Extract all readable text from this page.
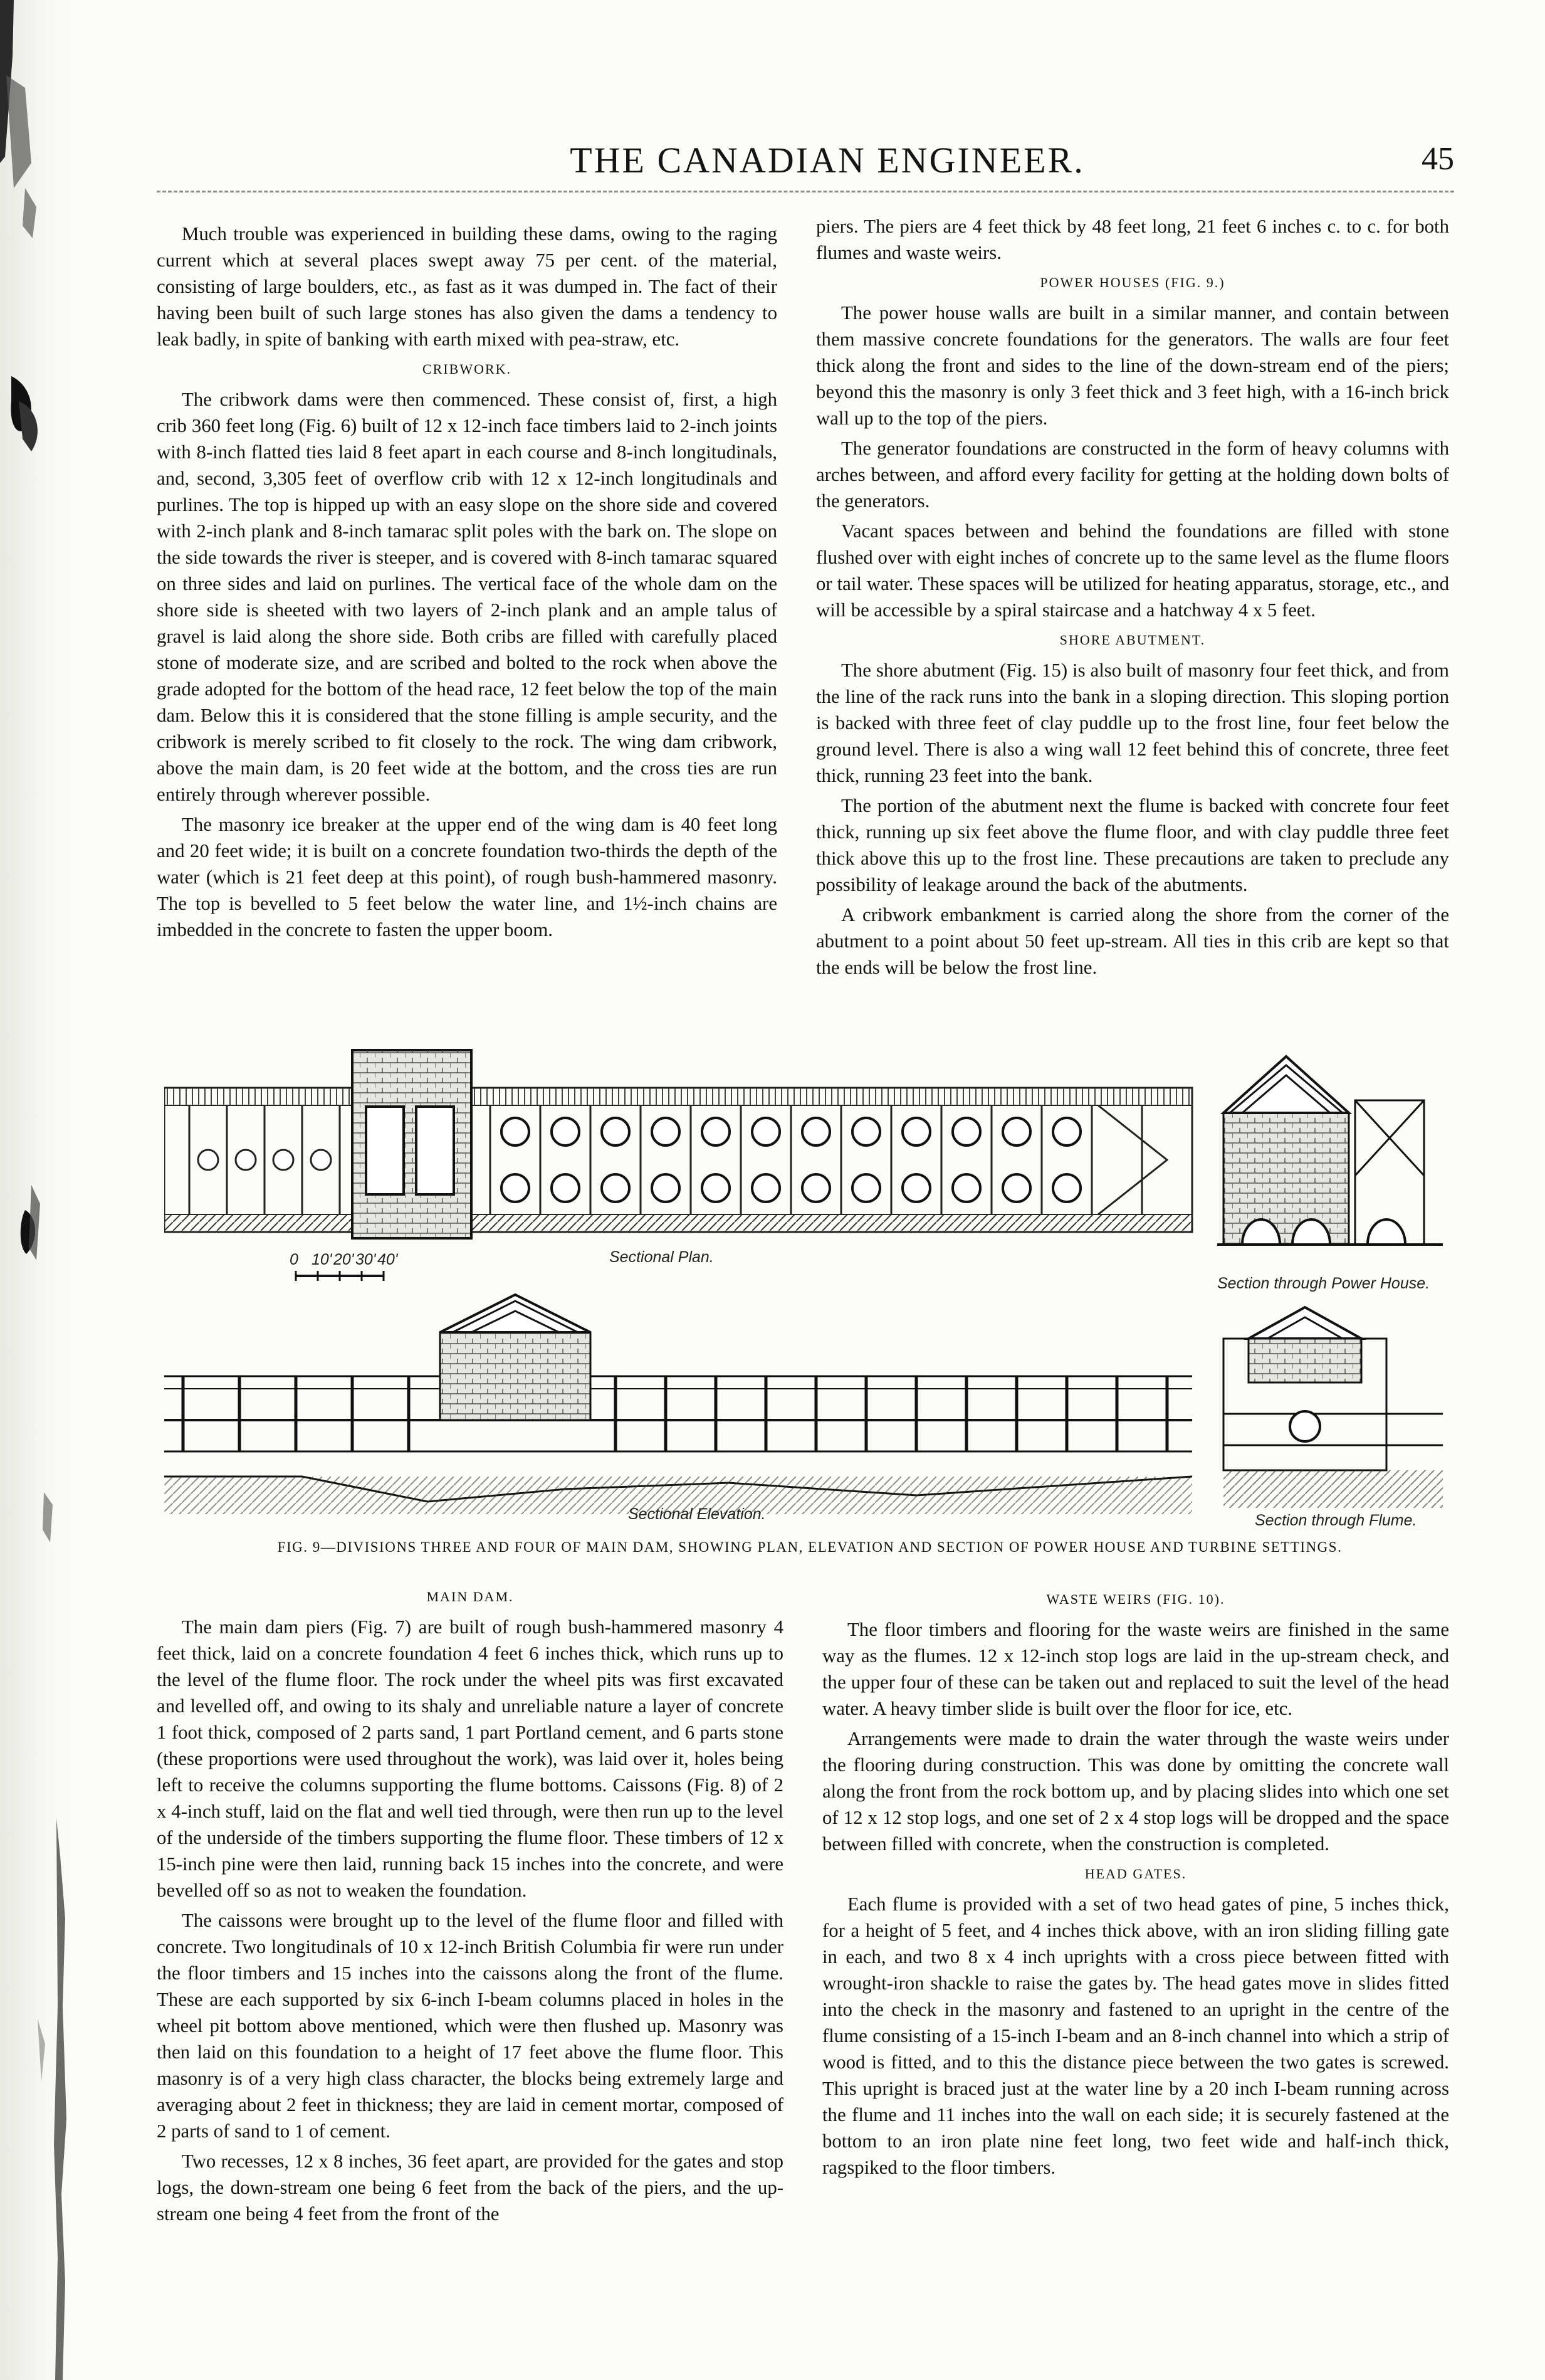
THE CANADIAN ENGINEER.	45

Much trouble was experienced in building these dams, owing to the raging current which at several places swept away 75 per cent. of the material, consisting of large boulders, etc., as fast as it was dumped in. The fact of their having been built of such large stones has also given the dams a tendency to leak badly, in spite of banking with earth mixed with pea-straw, etc.

CRIBWORK.

The cribwork dams were then commenced. These consist of, first, a high crib 360 feet long (Fig. 6) built of 12 x 12-inch face timbers laid to 2-inch joints with 8-inch flatted ties laid 8 feet apart in each course and 8-inch longitudinals, and, second, 3,305 feet of overflow crib with 12 x 12-inch longitudinals and purlines. The top is hipped up with an easy slope on the shore side and covered with 2-inch plank and 8-inch tamarac split poles with the bark on. The slope on the side towards the river is steeper, and is covered with 8-inch tamarac squared on three sides and laid on purlines. The vertical face of the whole dam on the shore side is sheeted with two layers of 2-inch plank and an ample talus of gravel is laid along the shore side. Both cribs are filled with carefully placed stone of moderate size, and are scribed and bolted to the rock when above the grade adopted for the bottom of the head race, 12 feet below the top of the main dam. Below this it is considered that the stone filling is ample security, and the cribwork is merely scribed to fit closely to the rock. The wing dam cribwork, above the main dam, is 20 feet wide at the bottom, and the cross ties are run entirely through wherever possible.

The masonry ice breaker at the upper end of the wing dam is 40 feet long and 20 feet wide; it is built on a concrete foundation two-thirds the depth of the water (which is 21 feet deep at this point), of rough bush-hammered masonry. The top is bevelled to 5 feet below the water line, and 1½-inch chains are imbedded in the concrete to fasten the upper boom.

piers. The piers are 4 feet thick by 48 feet long, 21 feet 6 inches c. to c. for both flumes and waste weirs.

POWER HOUSES (FIG. 9.)

The power house walls are built in a similar manner, and contain between them massive concrete foundations for the generators. The walls are four feet thick along the front and sides to the line of the down-stream end of the piers; beyond this the masonry is only 3 feet thick and 3 feet high, with a 16-inch brick wall up to the top of the piers.

The generator foundations are constructed in the form of heavy columns with arches between, and afford every facility for getting at the holding down bolts of the generators.

Vacant spaces between and behind the foundations are filled with stone flushed over with eight inches of concrete up to the same level as the flume floors or tail water. These spaces will be utilized for heating apparatus, storage, etc., and will be accessible by a spiral staircase and a hatchway 4 x 5 feet.

SHORE ABUTMENT.

The shore abutment (Fig. 15) is also built of masonry four feet thick, and from the line of the rack runs into the bank in a sloping direction. This sloping portion is backed with three feet of clay puddle up to the frost line, four feet below the ground level. There is also a wing wall 12 feet behind this of concrete, three feet thick, running 23 feet into the bank.

The portion of the abutment next the flume is backed with concrete four feet thick, running up six feet above the flume floor, and with clay puddle three feet thick above this up to the frost line. These precautions are taken to preclude any possibility of leakage around the back of the abutments.

A cribwork embankment is carried along the shore from the corner of the abutment to a point about 50 feet up-stream. All ties in this crib are kept so that the ends will be below the frost line.

Sectional Plan.
Section through Power House.
Sectional Elevation.	Section through Flume.
0 10' 20' 30' 40'
FIG. 9—DIVISIONS THREE AND FOUR OF MAIN DAM, SHOWING PLAN, ELEVATION AND SECTION OF POWER HOUSE AND TURBINE SETTINGS.
MAIN DAM.

The main dam piers (Fig. 7) are built of rough bush-hammered masonry 4 feet thick, laid on a concrete foundation 4 feet 6 inches thick, which runs up to the level of the flume floor. The rock under the wheel pits was first excavated and levelled off, and owing to its shaly and unreliable nature a layer of concrete 1 foot thick, composed of 2 parts sand, 1 part Portland cement, and 6 parts stone (these proportions were used throughout the work), was laid over it, holes being left to receive the columns supporting the flume bottoms. Caissons (Fig. 8) of 2 x 4-inch stuff, laid on the flat and well tied through, were then run up to the level of the underside of the timbers supporting the flume floor. These timbers of 12 x 15-inch pine were then laid, running back 15 inches into the concrete, and were bevelled off so as not to weaken the foundation.

The caissons were brought up to the level of the flume floor and filled with concrete. Two longitudinals of 10 x 12-inch British Columbia fir were run under the floor timbers and 15 inches into the caissons along the front of the flume. These are each supported by six 6-inch I-beam columns placed in holes in the wheel pit bottom above mentioned, which were then flushed up. Masonry was then laid on this foundation to a height of 17 feet above the flume floor. This masonry is of a very high class character, the blocks being extremely large and averaging about 2 feet in thickness; they are laid in cement mortar, composed of 2 parts of sand to 1 of cement.

Two recesses, 12 x 8 inches, 36 feet apart, are provided for the gates and stop logs, the down-stream one being 6 feet from the back of the piers, and the up-stream one being 4 feet from the front of the

WASTE WEIRS (FIG. 10).

The floor timbers and flooring for the waste weirs are finished in the same way as the flumes. 12 x 12-inch stop logs are laid in the up-stream check, and the upper four of these can be taken out and replaced to suit the level of the head water. A heavy timber slide is built over the floor for ice, etc.

Arrangements were made to drain the water through the waste weirs under the flooring during construction. This was done by omitting the concrete wall along the front from the rock bottom up, and by placing slides into which one set of 12 x 12 stop logs, and one set of 2 x 4 stop logs will be dropped and the space between filled with concrete, when the construction is completed.

HEAD GATES.

Each flume is provided with a set of two head gates of pine, 5 inches thick, for a height of 5 feet, and 4 inches thick above, with an iron sliding filling gate in each, and two 8 x 4 inch uprights with a cross piece between fitted with wrought-iron shackle to raise the gates by. The head gates move in slides fitted into the check in the masonry and fastened to an upright in the centre of the flume consisting of a 15-inch I-beam and an 8-inch channel into which a strip of wood is fitted, and to this the distance piece between the two gates is screwed. This upright is braced just at the water line by a 20 inch I-beam running across the flume and 11 inches into the wall on each side; it is securely fastened at the bottom to an iron plate nine feet long, two feet wide and half-inch thick, ragspiked to the floor timbers.
